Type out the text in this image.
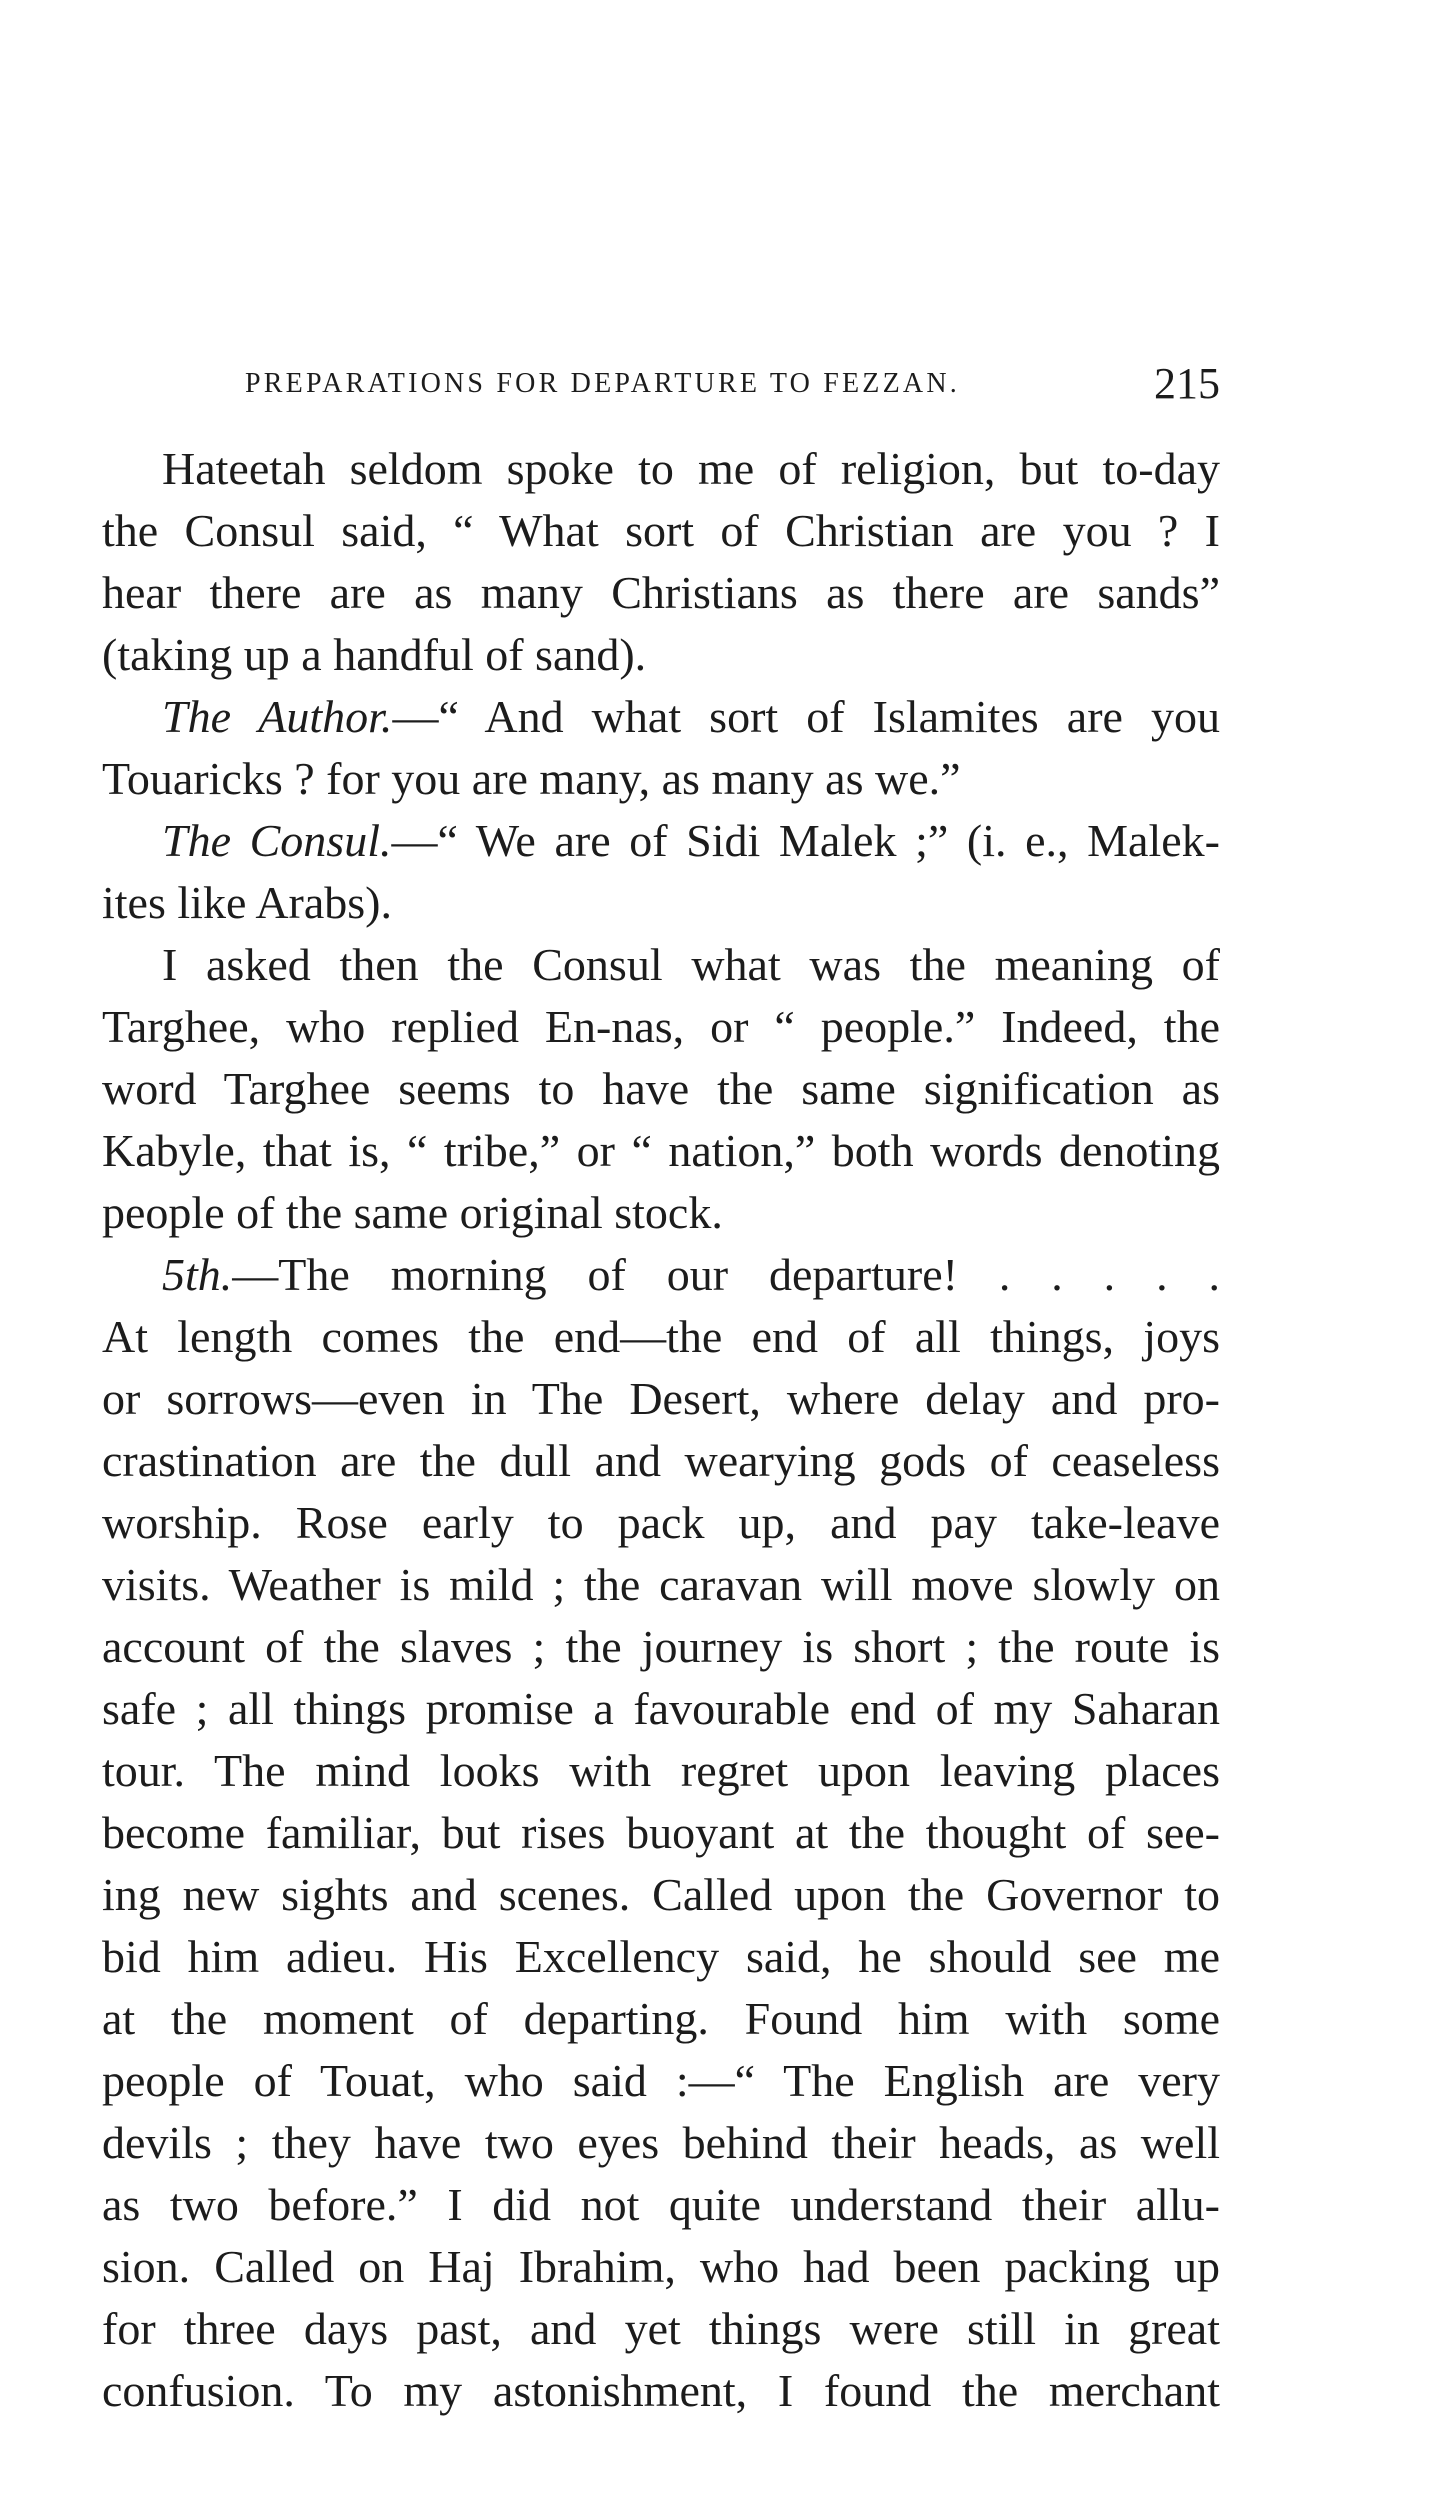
PREPARATIONS FOR DEPARTURE TO FEZZAN.	215
Hateetah seldom spoke to me of religion, but to-day
the Consul said, “ What sort of Christian are you ? I
hear there are as many Christians as there are sands”
(taking up a handful of sand).
The Author.—“ And what sort of Islamites are you
Touaricks ? for you are many, as many as we.”
The Consul.—“ We are of Sidi Malek ;” (i. e., Malek-
ites like Arabs).
I asked then the Consul what was the meaning of
Targhee, who replied En-nas, or “ people.” Indeed, the
word Targhee seems to have the same signification as
Kabyle, that is, “ tribe,” or “ nation,” both words denoting
people of the same original stock.
5th.—The morning of our departure! . . . . .
At length comes the end—the end of all things, joys
or sorrows—even in The Desert, where delay and pro-
crastination are the dull and wearying gods of ceaseless
worship. Rose early to pack up, and pay take-leave
visits. Weather is mild ; the caravan will move slowly on
account of the slaves ; the journey is short ; the route is
safe ; all things promise a favourable end of my Saharan
tour. The mind looks with regret upon leaving places
become familiar, but rises buoyant at the thought of see-
ing new sights and scenes. Called upon the Governor to
bid him adieu. His Excellency said, he should see me
at the moment of departing. Found him with some
people of Touat, who said :—“ The English are very
devils ; they have two eyes behind their heads, as well
as two before.” I did not quite understand their allu-
sion. Called on Haj Ibrahim, who had been packing up
for three days past, and yet things were still in great
confusion. To my astonishment, I found the merchant
